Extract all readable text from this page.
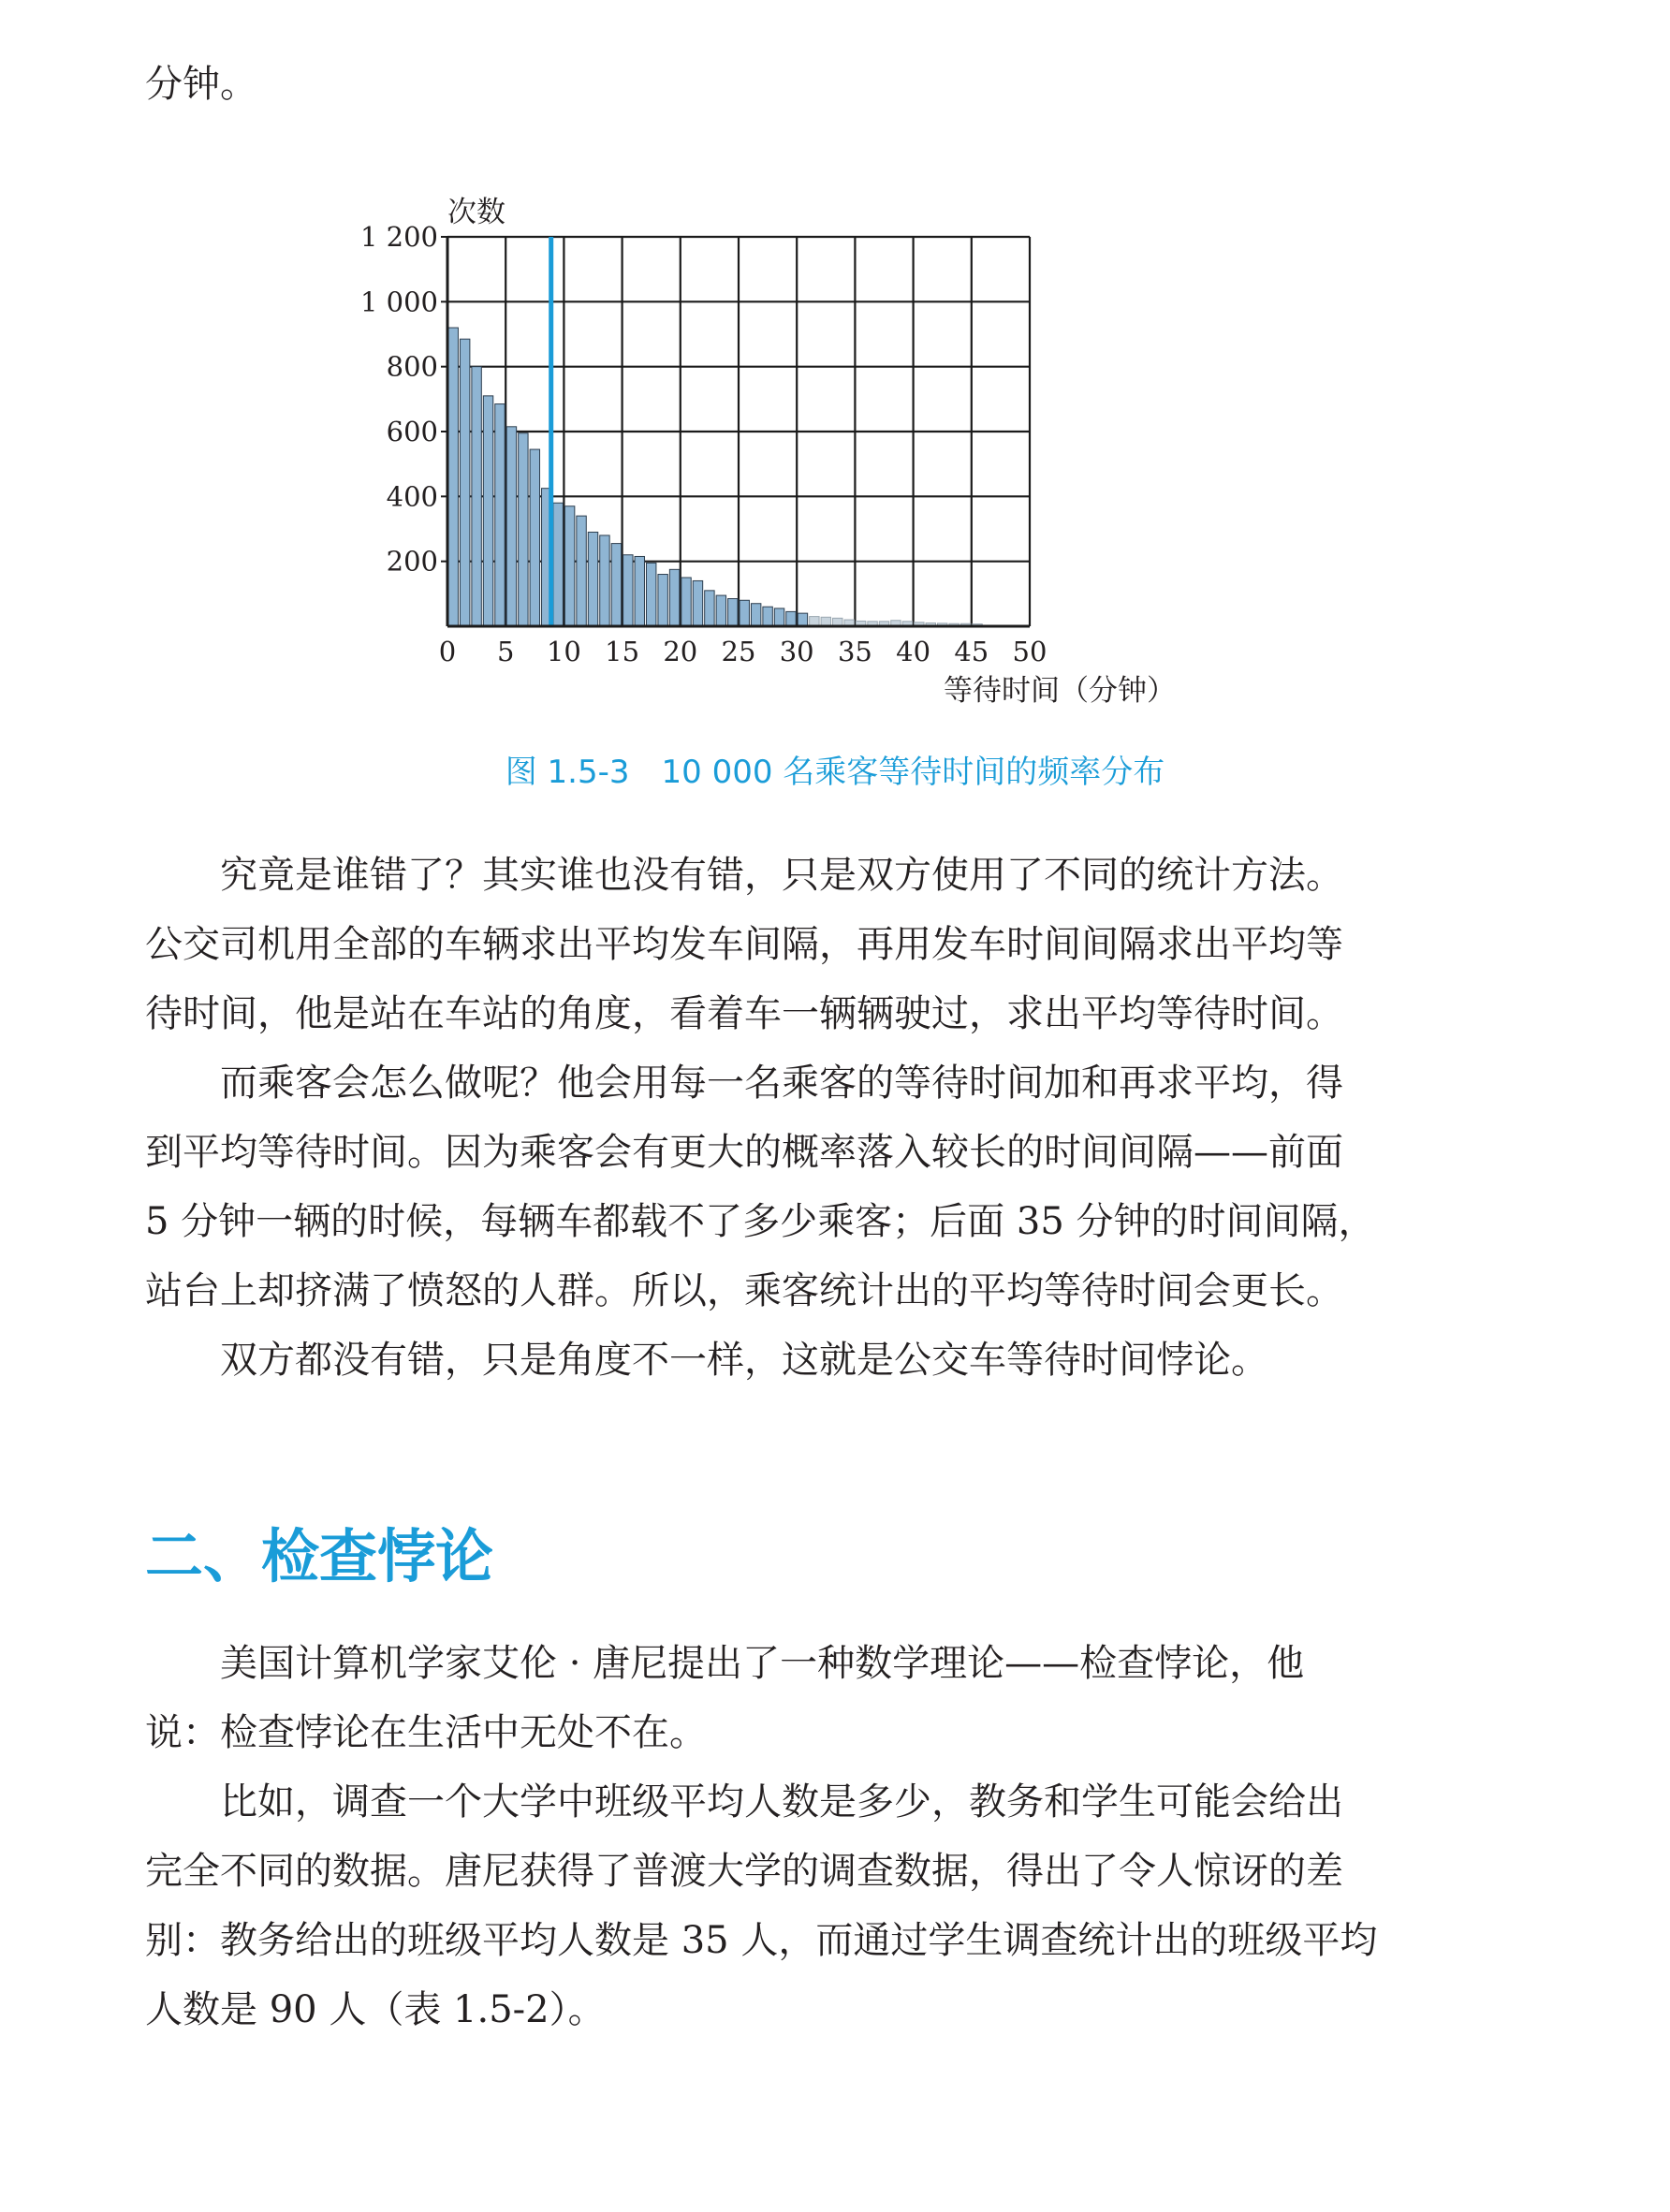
分钟。
200
400
600
800
1 000
1 200
0 5 10 15 20 25 30 35 40 45 50
次数
等待时间（分钟）
图 1.5-3　10 000 名乘客等待时间的频率分布
究竟是谁错了？其实谁也没有错，只是双方使用了不同的统计方法。
公交司机用全部的车辆求出平均发车间隔，再用发车时间间隔求出平均等
待时间，他是站在车站的角度，看着车一辆辆驶过，求出平均等待时间。
而乘客会怎么做呢？他会用每一名乘客的等待时间加和再求平均，得
到平均等待时间。因为乘客会有更大的概率落入较长的时间间隔——前面
5 分钟一辆的时候，每辆车都载不了多少乘客；后面 35 分钟的时间间隔，
站台上却挤满了愤怒的人群。所以，乘客统计出的平均等待时间会更长。
双方都没有错，只是角度不一样，这就是公交车等待时间悖论。
二、检查悖论
美国计算机学家艾伦 · 唐尼提出了一种数学理论——检查悖论，他
说：检查悖论在生活中无处不在。
比如，调查一个大学中班级平均人数是多少，教务和学生可能会给出
完全不同的数据。唐尼获得了普渡大学的调查数据，得出了令人惊讶的差
别：教务给出的班级平均人数是 35 人，而通过学生调查统计出的班级平均
人数是 90 人（表 1.5-2）。
